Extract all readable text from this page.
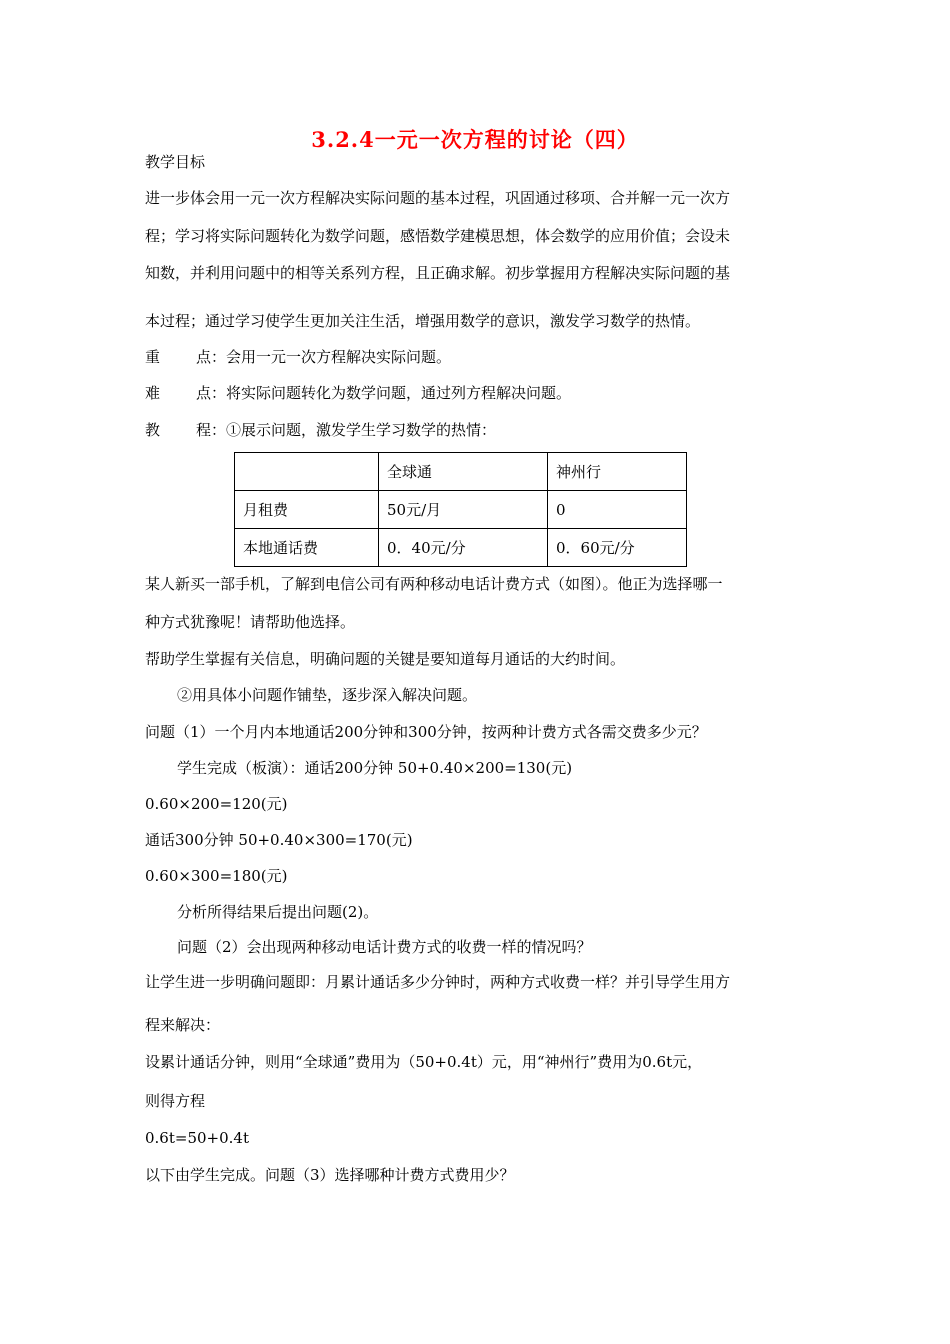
3.2.4一元一次方程的讨论（四）
教学目标
进一步体会用一元一次方程解决实际问题的基本过程，巩固通过移项、合并解一元一次方
程；学习将实际问题转化为数学问题，感悟数学建模思想，体会数学的应用价值；会设未
知数，并利用问题中的相等关系列方程，且正确求解。初步掌握用方程解决实际问题的基
本过程；通过学习使学生更加关注生活，增强用数学的意识，激发学习数学的热情。
重 点：会用一元一次方程解决实际问题。
难 点：将实际问题转化为数学问题，通过列方程解决问题。
教 程：①展示问题，激发学生学习数学的热情：
	全球通	神州行
月租费	50元/月	0
本地通话费	0．40元/分	0．60元/分
某人新买一部手机，了解到电信公司有两种移动电话计费方式（如图）。他正为选择哪一
种方式犹豫呢！请帮助他选择。
帮助学生掌握有关信息，明确问题的关键是要知道每月通话的大约时间。
②用具体小问题作铺垫，逐步深入解决问题。
问题（1）一个月内本地通话200分钟和300分钟，按两种计费方式各需交费多少元？
学生完成（板演）：通话200分钟 50+0.40×200=130(元)
0.60×200=120(元)
通话300分钟 50+0.40×300=170(元)
0.60×300=180(元)
分析所得结果后提出问题(2)。
问题（2）会出现两种移动电话计费方式的收费一样的情况吗？
让学生进一步明确问题即：月累计通话多少分钟时，两种方式收费一样？并引导学生用方
程来解决：
设累计通话分钟，则用“全球通”费用为（50+0.4t）元，用“神州行”费用为0.6t元，
则得方程
0.6t=50+0.4t
以下由学生完成。问题（3）选择哪种计费方式费用少？
